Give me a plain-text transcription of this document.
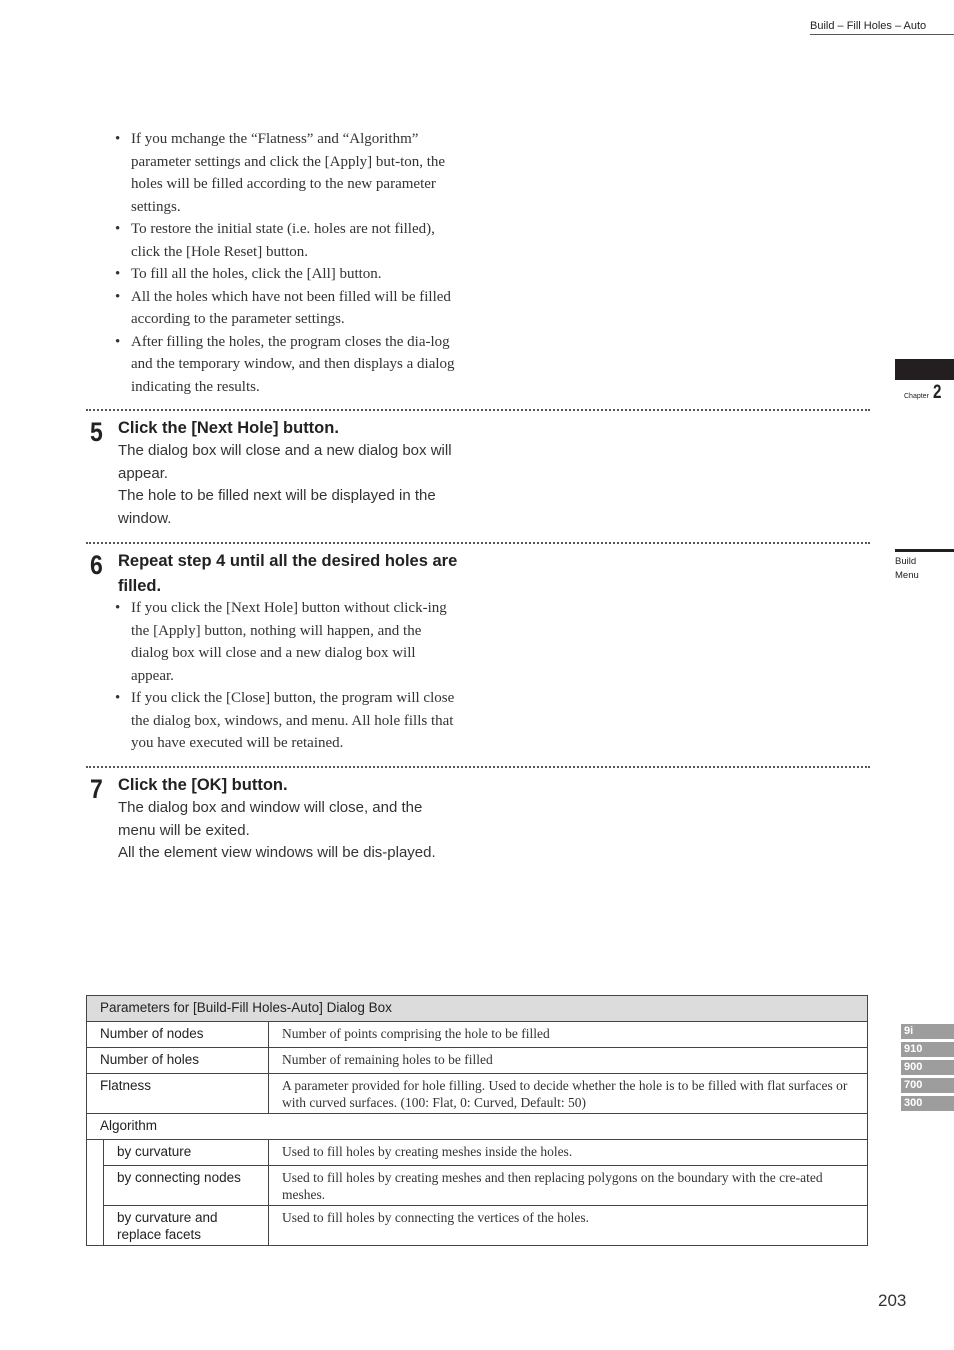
Build – Fill Holes – Auto
• If you mchange the “Flatness” and “Algorithm” parameter settings and click the [Apply] but-ton, the holes will be filled according to the new parameter settings.
• To restore the initial state (i.e. holes are not filled), click the [Hole Reset] button.
• To fill all the holes, click the [All] button.
• All the holes which have not been filled will be filled according to the parameter settings.
• After filling the holes, the program closes the dia-log and the temporary window, and then displays a dialog indicating the results.
5 Click the [Next Hole] button.

The dialog box will close and a new dialog box will appear.

The hole to be filled next will be displayed in the window.

6 Repeat step 4 until all the desired holes are filled.
• If you click the [Next Hole] button without click-ing the [Apply] button, nothing will happen, and the dialog box will close and a new dialog box will appear.
• If you click the [Close] button, the program will close the dialog box, windows, and menu. All hole fills that you have executed will be retained.
7 Click the [OK] button.

The dialog box and window will close, and the menu will be exited.

All the element view windows will be dis-played.

Chapter 2
Build
Menu
9i
910
900
700
300
Parameters for [Build-Fill Holes-Auto] Dialog Box		
Number of nodes		Number of points comprising the hole to be filled
Number of holes		Number of remaining holes to be filled
Flatness		A parameter provided for hole filling. Used to decide whether the hole is to be filled with flat surfaces or with curved surfaces. (100: Flat, 0: Curved, Default: 50)
Algorithm		
	by curvature	Used to fill holes by creating meshes inside the holes.
	by connecting nodes	Used to fill holes by creating meshes and then replacing polygons on the boundary with the cre-ated meshes.
	by curvature and replace facets	Used to fill holes by connecting the vertices of the holes.
203
